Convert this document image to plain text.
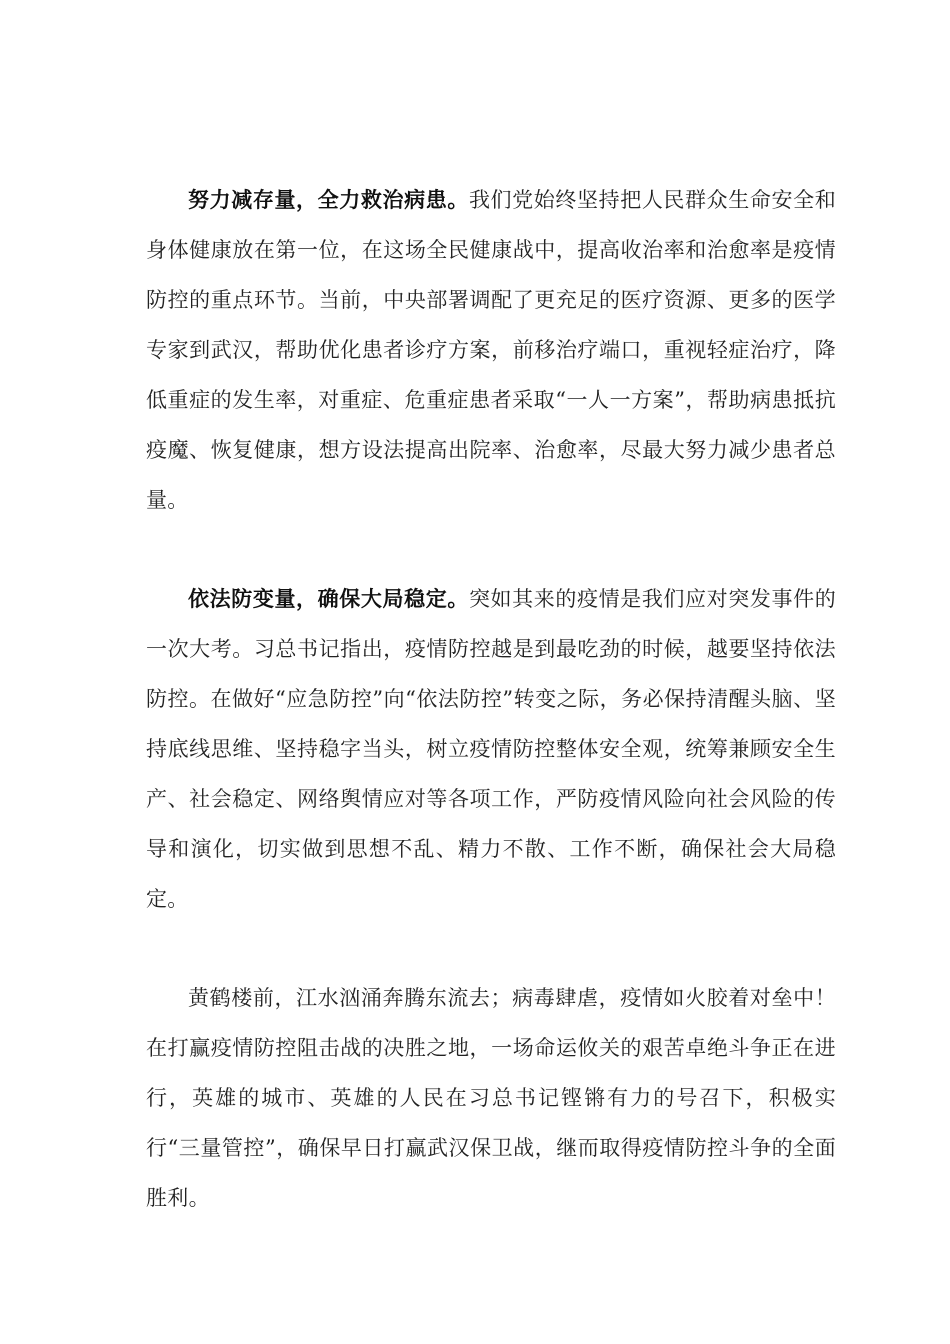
努力减存量，全力救治病患。我们党始终坚持把人民群众生命安全和身体健康放在第一位，在这场全民健康战中，提高收治率和治愈率是疫情防控的重点环节。当前，中央部署调配了更充足的医疗资源、更多的医学专家到武汉，帮助优化患者诊疗方案，前移治疗端口，重视轻症治疗，降低重症的发生率，对重症、危重症患者采取“一人一方案”，帮助病患抵抗疫魔、恢复健康，想方设法提高出院率、治愈率，尽最大努力减少患者总量。

依法防变量，确保大局稳定。突如其来的疫情是我们应对突发事件的一次大考。习总书记指出，疫情防控越是到最吃劲的时候，越要坚持依法防控。在做好“应急防控”向“依法防控”转变之际，务必保持清醒头脑、坚持底线思维、坚持稳字当头，树立疫情防控整体安全观，统筹兼顾安全生产、社会稳定、网络舆情应对等各项工作，严防疫情风险向社会风险的传导和演化，切实做到思想不乱、精力不散、工作不断，确保社会大局稳定。

黄鹤楼前，江水汹涌奔腾东流去；病毒肆虐，疫情如火胶着对垒中！在打赢疫情防控阻击战的决胜之地，一场命运攸关的艰苦卓绝斗争正在进行，英雄的城市、英雄的人民在习总书记铿锵有力的号召下，积极实行“三量管控”，确保早日打赢武汉保卫战，继而取得疫情防控斗争的全面胜利。
